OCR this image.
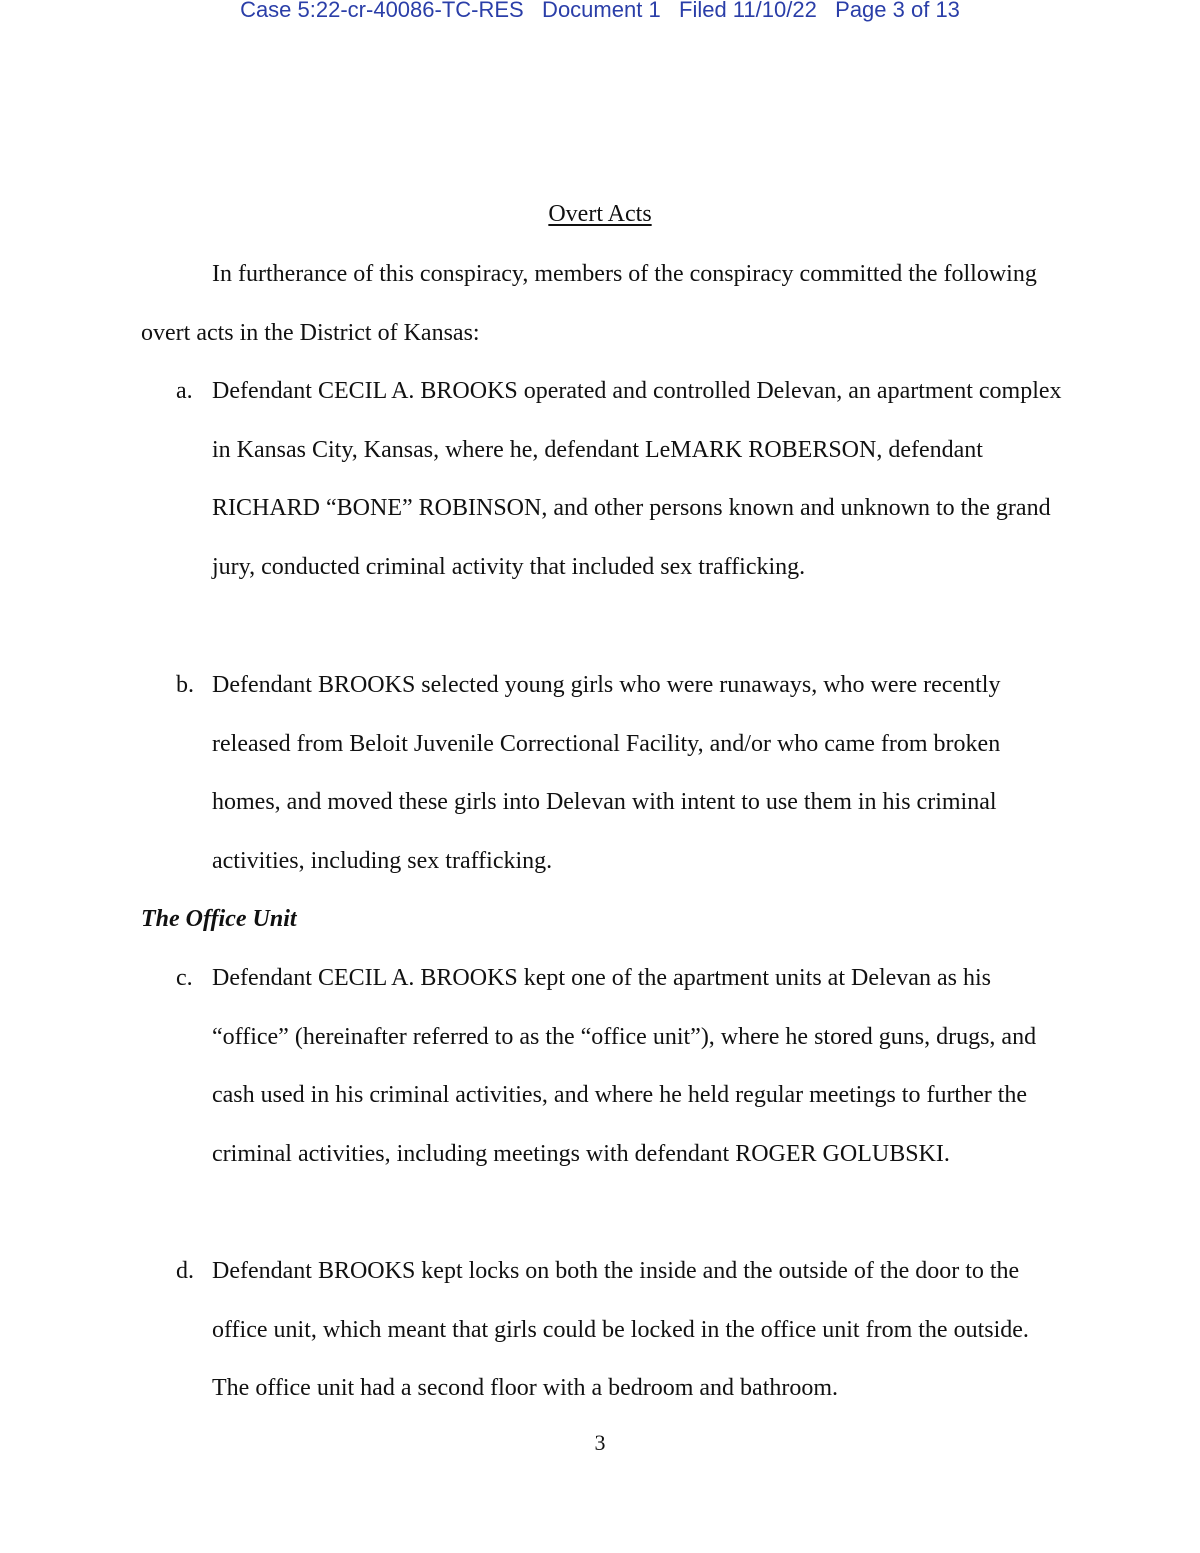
Case 5:22-cr-40086-TC-RES   Document 1   Filed 11/10/22   Page 3 of 13
Overt Acts

In furtherance of this conspiracy, members of the conspiracy committed the following overt acts in the District of Kansas:

a. Defendant CECIL A. BROOKS operated and controlled Delevan, an apartment complex in Kansas City, Kansas, where he, defendant LeMARK ROBERSON, defendant RICHARD “BONE” ROBINSON, and other persons known and unknown to the grand jury, conducted criminal activity that included sex trafficking.
b. Defendant BROOKS selected young girls who were runaways, who were recently released from Beloit Juvenile Correctional Facility, and/or who came from broken homes, and moved these girls into Delevan with intent to use them in his criminal activities, including sex trafficking.
The Office Unit
c. Defendant CECIL A. BROOKS kept one of the apartment units at Delevan as his “office” (hereinafter referred to as the “office unit”), where he stored guns, drugs, and cash used in his criminal activities, and where he held regular meetings to further the criminal activities, including meetings with defendant ROGER GOLUBSKI.
d. Defendant BROOKS kept locks on both the inside and the outside of the door to the office unit, which meant that girls could be locked in the office unit from the outside. The office unit had a second floor with a bedroom and bathroom.
3
